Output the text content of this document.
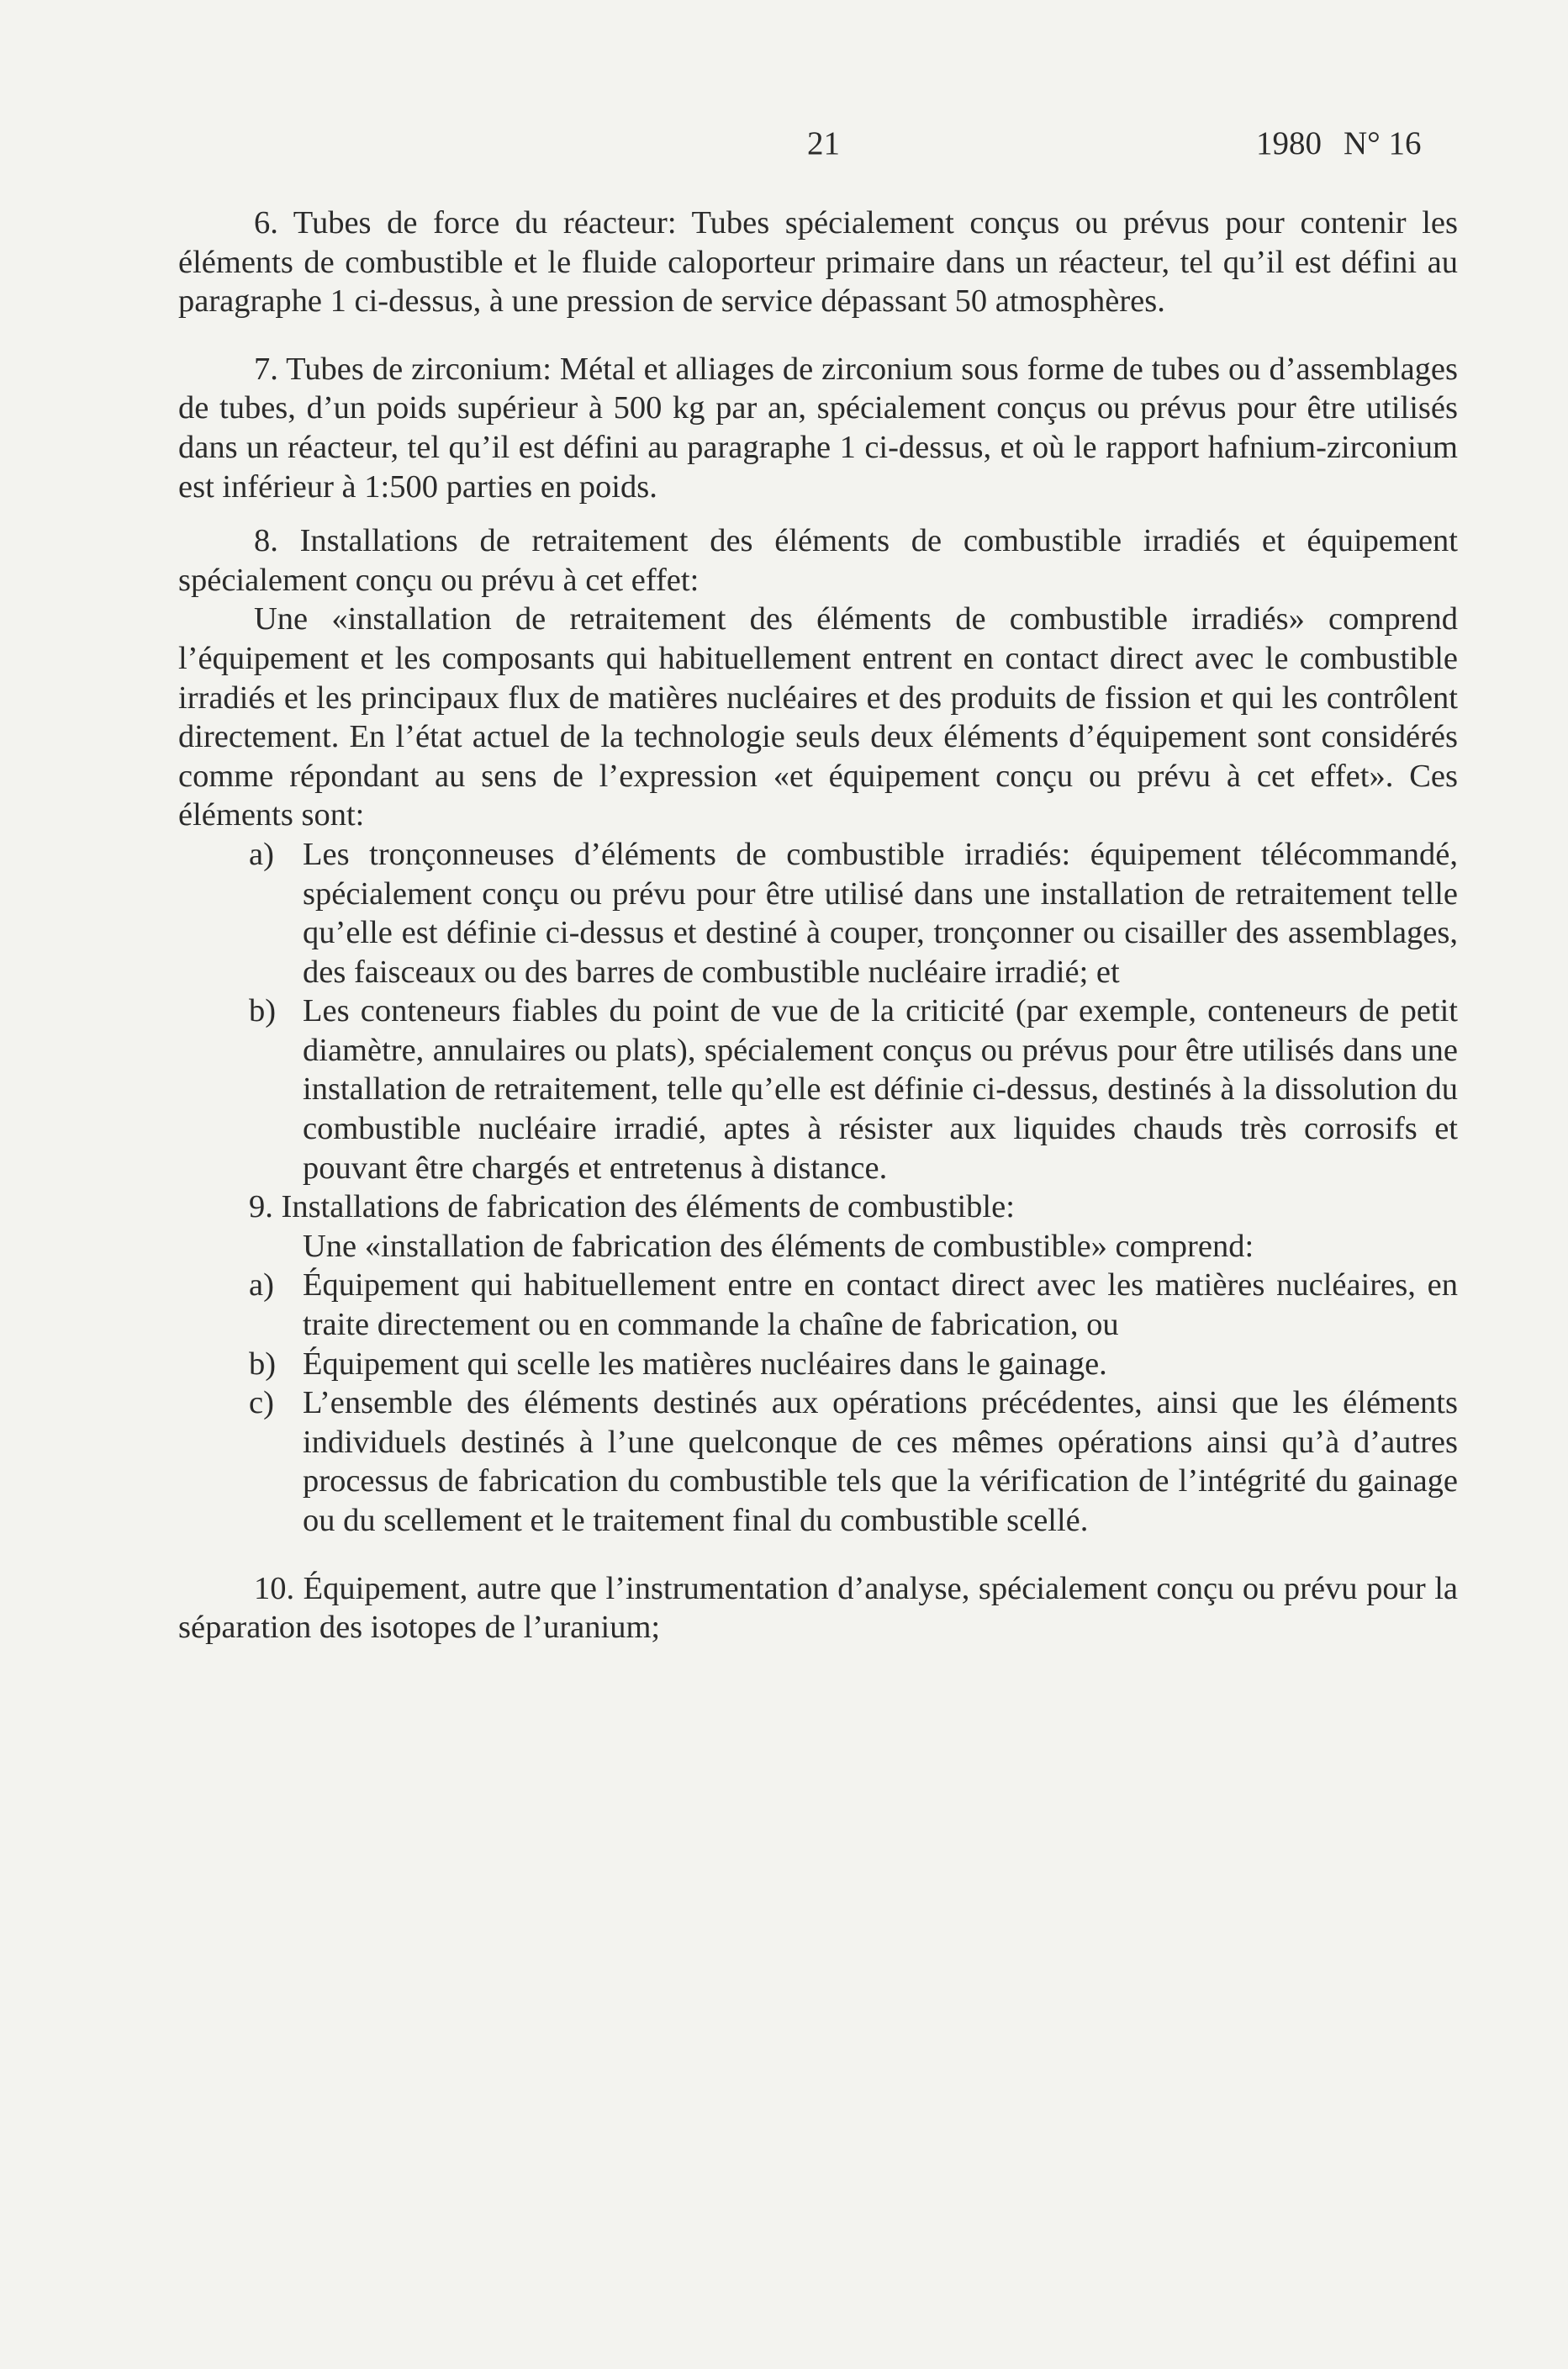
21	1980 N° 16

6. Tubes de force du réacteur: Tubes spécialement conçus ou prévus pour contenir les éléments de combustible et le fluide caloporteur primaire dans un réacteur, tel qu’il est défini au paragraphe 1 ci-dessus, à une pression de service dépassant 50 atmosphères.

7. Tubes de zirconium: Métal et alliages de zirconium sous forme de tubes ou d’assemblages de tubes, d’un poids supérieur à 500 kg par an, spécialement conçus ou prévus pour être utilisés dans un réacteur, tel qu’il est défini au paragraphe 1 ci-dessus, et où le rapport hafnium-zirconium est inférieur à 1:500 parties en poids.

8. Installations de retraitement des éléments de combustible irradiés et équipement spécialement conçu ou prévu à cet effet:

Une «installation de retraitement des éléments de combustible irradiés» comprend l’équipement et les composants qui habituellement entrent en contact direct avec le combustible irradiés et les principaux flux de matières nucléaires et des produits de fission et qui les contrôlent directement. En l’état actuel de la technologie seuls deux éléments d’équipement sont considérés comme répondant au sens de l’expression «et équipement conçu ou prévu à cet effet». Ces éléments sont:

a) Les tronçonneuses d’éléments de combustible irradiés: équipement télécommandé, spécialement conçu ou prévu pour être utilisé dans une installation de retraitement telle qu’elle est définie ci-dessus et destiné à couper, tronçonner ou cisailler des assemblages, des faisceaux ou des barres de combustible nucléaire irradié; et
b) Les conteneurs fiables du point de vue de la criticité (par exemple, conteneurs de petit diamètre, annulaires ou plats), spécialement conçus ou prévus pour être utilisés dans une installation de retraitement, telle qu’elle est définie ci-dessus, destinés à la dissolution du combustible nucléaire irradié, aptes à résister aux liquides chauds très corrosifs et pouvant être chargés et entretenus à distance.

9. Installations de fabrication des éléments de combustible:

Une «installation de fabrication des éléments de combustible» comprend:

a) Équipement qui habituellement entre en contact direct avec les matières nucléaires, en traite directement ou en commande la chaîne de fabrication, ou
b) Équipement qui scelle les matières nucléaires dans le gainage.
c) L’ensemble des éléments destinés aux opérations précédentes, ainsi que les éléments individuels destinés à l’une quelconque de ces mêmes opérations ainsi qu’à d’autres processus de fabrication du combustible tels que la vérification de l’intégrité du gainage ou du scellement et le traitement final du combustible scellé.

10. Équipement, autre que l’instrumentation d’analyse, spécialement conçu ou prévu pour la séparation des isotopes de l’uranium;
